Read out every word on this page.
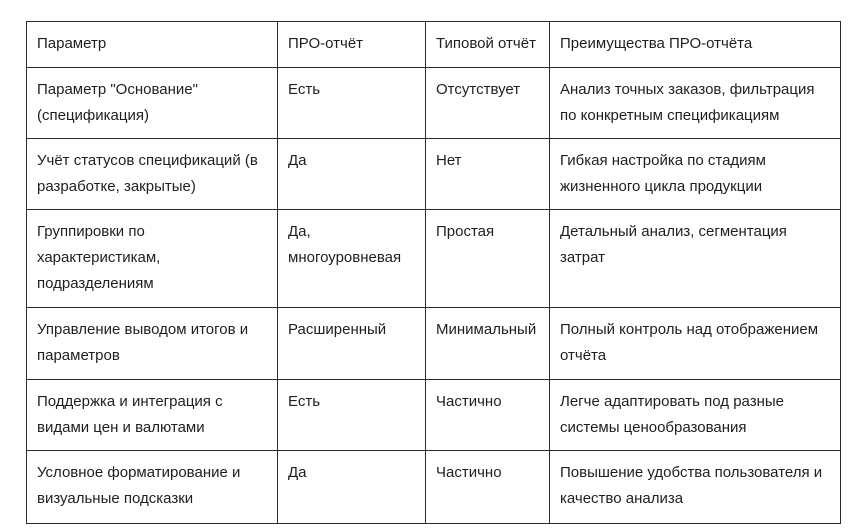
Параметр	ПРО-отчёт	Типовой отчёт	Преимущества ПРО-отчёта
Параметр "Основание" (спецификация)	Есть	Отсутствует	Анализ точных заказов, фильтрация по конкретным спецификациям
Учёт статусов спецификаций (в разработке, закрытые)	Да	Нет	Гибкая настройка по стадиям жизненного цикла продукции
Группировки по характеристикам, подразделениям	Да, многоуровневая	Простая	Детальный анализ, сегментация затрат
Управление выводом итогов и параметров	Расширенный	Минимальный	Полный контроль над отображением отчёта
Поддержка и интеграция с видами цен и валютами	Есть	Частично	Легче адаптировать под разные системы ценообразования
Условное форматирование и визуальные подсказки	Да	Частично	Повышение удобства пользователя и качество анализа
